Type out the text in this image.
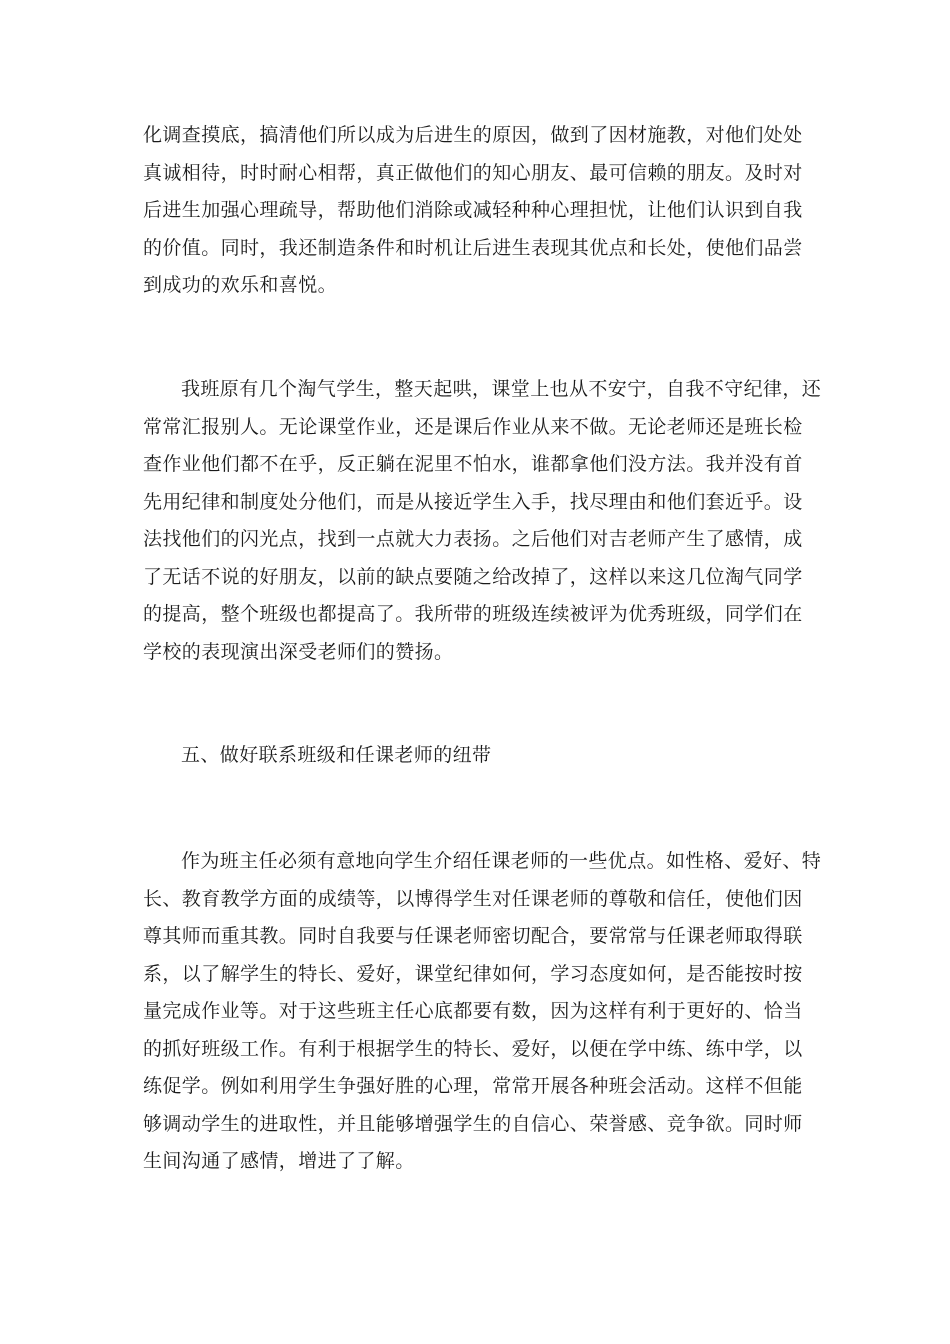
化调查摸底，搞清他们所以成为后进生的原因，做到了因材施教，对他们处处
真诚相待，时时耐心相帮，真正做他们的知心朋友、最可信赖的朋友。及时对
后进生加强心理疏导，帮助他们消除或减轻种种心理担忧，让他们认识到自我
的价值。同时，我还制造条件和时机让后进生表现其优点和长处，使他们品尝
到成功的欢乐和喜悦。
我班原有几个淘气学生，整天起哄，课堂上也从不安宁，自我不守纪律，还
常常汇报别人。无论课堂作业，还是课后作业从来不做。无论老师还是班长检
查作业他们都不在乎，反正躺在泥里不怕水，谁都拿他们没方法。我并没有首
先用纪律和制度处分他们，而是从接近学生入手，找尽理由和他们套近乎。设
法找他们的闪光点，找到一点就大力表扬。之后他们对吉老师产生了感情，成
了无话不说的好朋友，以前的缺点要随之给改掉了，这样以来这几位淘气同学
的提高，整个班级也都提高了。我所带的班级连续被评为优秀班级，同学们在
学校的表现演出深受老师们的赞扬。
五、做好联系班级和任课老师的纽带
作为班主任必须有意地向学生介绍任课老师的一些优点。如性格、爱好、特
长、教育教学方面的成绩等，以博得学生对任课老师的尊敬和信任，使他们因
尊其师而重其教。同时自我要与任课老师密切配合，要常常与任课老师取得联
系，以了解学生的特长、爱好，课堂纪律如何，学习态度如何，是否能按时按
量完成作业等。对于这些班主任心底都要有数，因为这样有利于更好的、恰当
的抓好班级工作。有利于根据学生的特长、爱好，以便在学中练、练中学，以
练促学。例如利用学生争强好胜的心理，常常开展各种班会活动。这样不但能
够调动学生的进取性，并且能够增强学生的自信心、荣誉感、竞争欲。同时师
生间沟通了感情，增进了了解。
